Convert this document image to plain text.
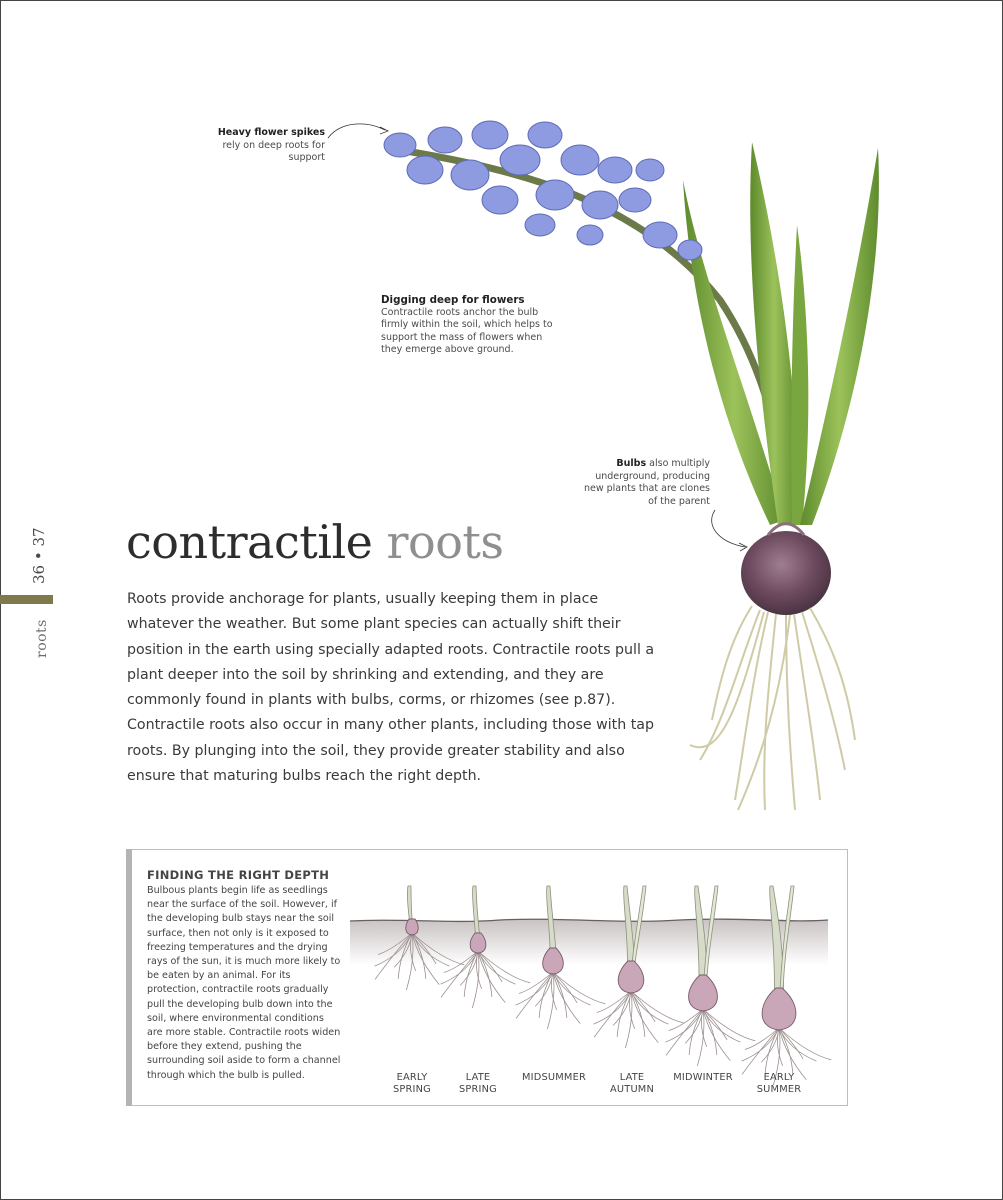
36 • 37
roots
Heavy flower spikes rely on deep roots for support
Digging deep for flowers
Contractile roots anchor the bulb firmly within the soil, which helps to support the mass of flowers when they emerge above ground.
Bulbs also multiply underground, producing new plants that are clones of the parent
contractile roots
Roots provide anchorage for plants, usually keeping them in place whatever the weather. But some plant species can actually shift their position in the earth using specially adapted roots. Contractile roots pull a plant deeper into the soil by shrinking and extending, and they are commonly found in plants with bulbs, corms, or rhizomes (see p.87). Contractile roots also occur in many other plants, including those with tap roots. By plunging into the soil, they provide greater stability and also ensure that maturing bulbs reach the right depth.
FINDING THE RIGHT DEPTH
Bulbous plants begin life as seedlings near the surface of the soil. However, if the developing bulb stays near the soil surface, then not only is it exposed to freezing temperatures and the drying rays of the sun, it is much more likely to be eaten by an animal. For its protection, contractile roots gradually pull the developing bulb down into the soil, where environmental conditions are more stable. Contractile roots widen before they extend, pushing the surrounding soil aside to form a channel through which the bulb is pulled.	EARLY
SPRING
LATE
SPRING
MIDSUMMER	LATE
AUTUMN
MIDWINTER	EARLY
SUMMER
